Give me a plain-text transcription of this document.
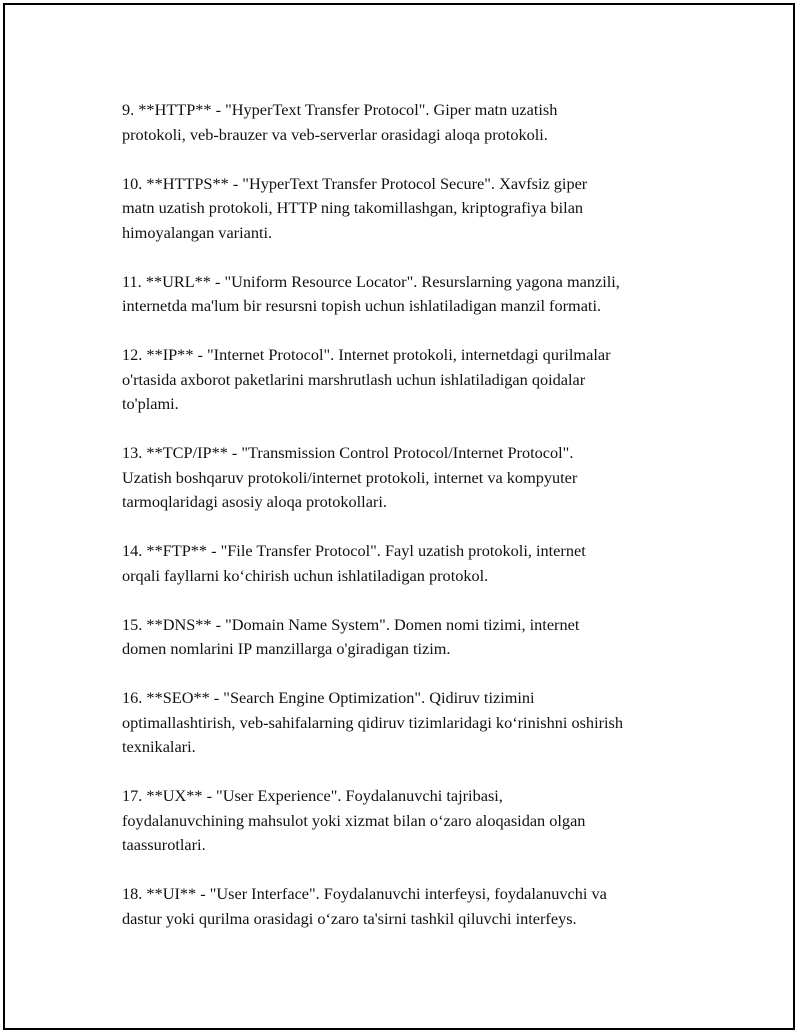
9. **HTTP** - "HyperText Transfer Protocol". Giper matn uzatish
protokoli, veb-brauzer va veb-serverlar orasidagi aloqa protokoli.

10. **HTTPS** - "HyperText Transfer Protocol Secure". Xavfsiz giper
matn uzatish protokoli, HTTP ning takomillashgan, kriptografiya bilan
himoyalangan varianti.

11. **URL** - "Uniform Resource Locator". Resurslarning yagona manzili,
internetda ma'lum bir resursni topish uchun ishlatiladigan manzil formati.

12. **IP** - "Internet Protocol". Internet protokoli, internetdagi qurilmalar
o'rtasida axborot paketlarini marshrutlash uchun ishlatiladigan qoidalar
to'plami.

13. **TCP/IP** - "Transmission Control Protocol/Internet Protocol".
Uzatish boshqaruv protokoli/internet protokoli, internet va kompyuter
tarmoqlaridagi asosiy aloqa protokollari.

14. **FTP** - "File Transfer Protocol". Fayl uzatish protokoli, internet
orqali fayllarni koʻchirish uchun ishlatiladigan protokol.

15. **DNS** - "Domain Name System". Domen nomi tizimi, internet
domen nomlarini IP manzillarga o'giradigan tizim.

16. **SEO** - "Search Engine Optimization". Qidiruv tizimini
optimallashtirish, veb-sahifalarning qidiruv tizimlaridagi koʻrinishni oshirish
texnikalari.

17. **UX** - "User Experience". Foydalanuvchi tajribasi,
foydalanuvchining mahsulot yoki xizmat bilan oʻzaro aloqasidan olgan
taassurotlari.

18. **UI** - "User Interface". Foydalanuvchi interfeysi, foydalanuvchi va
dastur yoki qurilma orasidagi oʻzaro ta'sirni tashkil qiluvchi interfeys.
